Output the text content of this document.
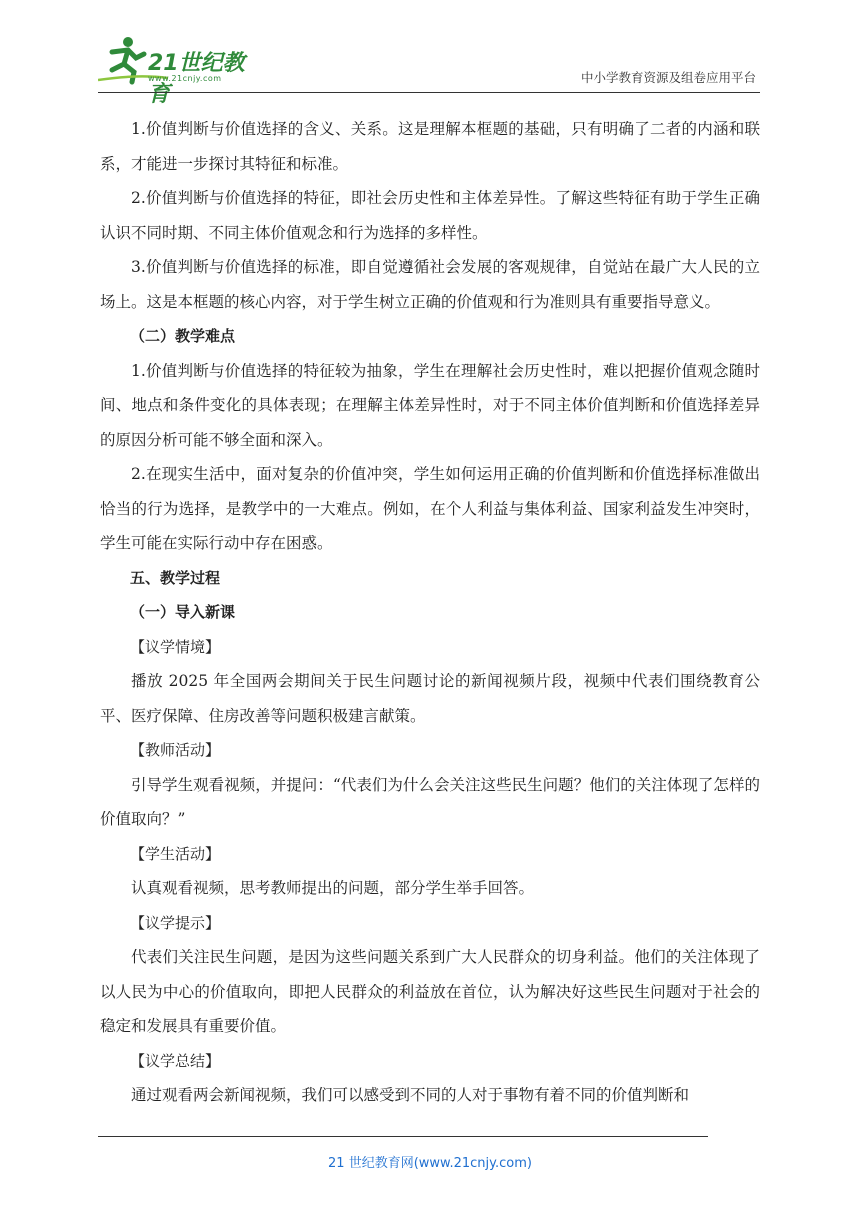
21世纪教育
www.21cnjy.com	中小学教育资源及组卷应用平台

1.价值判断与价值选择的含义、关系。这是理解本框题的基础，只有明确了二者的内涵和联系，才能进一步探讨其特征和标准。

2.价值判断与价值选择的特征，即社会历史性和主体差异性。了解这些特征有助于学生正确认识不同时期、不同主体价值观念和行为选择的多样性。

3.价值判断与价值选择的标准，即自觉遵循社会发展的客观规律，自觉站在最广大人民的立场上。这是本框题的核心内容，对于学生树立正确的价值观和行为准则具有重要指导意义。

（二）教学难点

1.价值判断与价值选择的特征较为抽象，学生在理解社会历史性时，难以把握价值观念随时间、地点和条件变化的具体表现；在理解主体差异性时，对于不同主体价值判断和价值选择差异的原因分析可能不够全面和深入。

2.在现实生活中，面对复杂的价值冲突，学生如何运用正确的价值判断和价值选择标准做出恰当的行为选择，是教学中的一大难点。例如，在个人利益与集体利益、国家利益发生冲突时，学生可能在实际行动中存在困惑。

五、教学过程

（一）导入新课

【议学情境】

播放 2025 年全国两会期间关于民生问题讨论的新闻视频片段，视频中代表们围绕教育公平、医疗保障、住房改善等问题积极建言献策。

【教师活动】

引导学生观看视频，并提问：“代表们为什么会关注这些民生问题？他们的关注体现了怎样的价值取向？”

【学生活动】

认真观看视频，思考教师提出的问题，部分学生举手回答。

【议学提示】

代表们关注民生问题，是因为这些问题关系到广大人民群众的切身利益。他们的关注体现了以人民为中心的价值取向，即把人民群众的利益放在首位，认为解决好这些民生问题对于社会的稳定和发展具有重要价值。

【议学总结】

通过观看两会新闻视频，我们可以感受到不同的人对于事物有着不同的价值判断和

21 世纪教育网(www.21cnjy.com)
